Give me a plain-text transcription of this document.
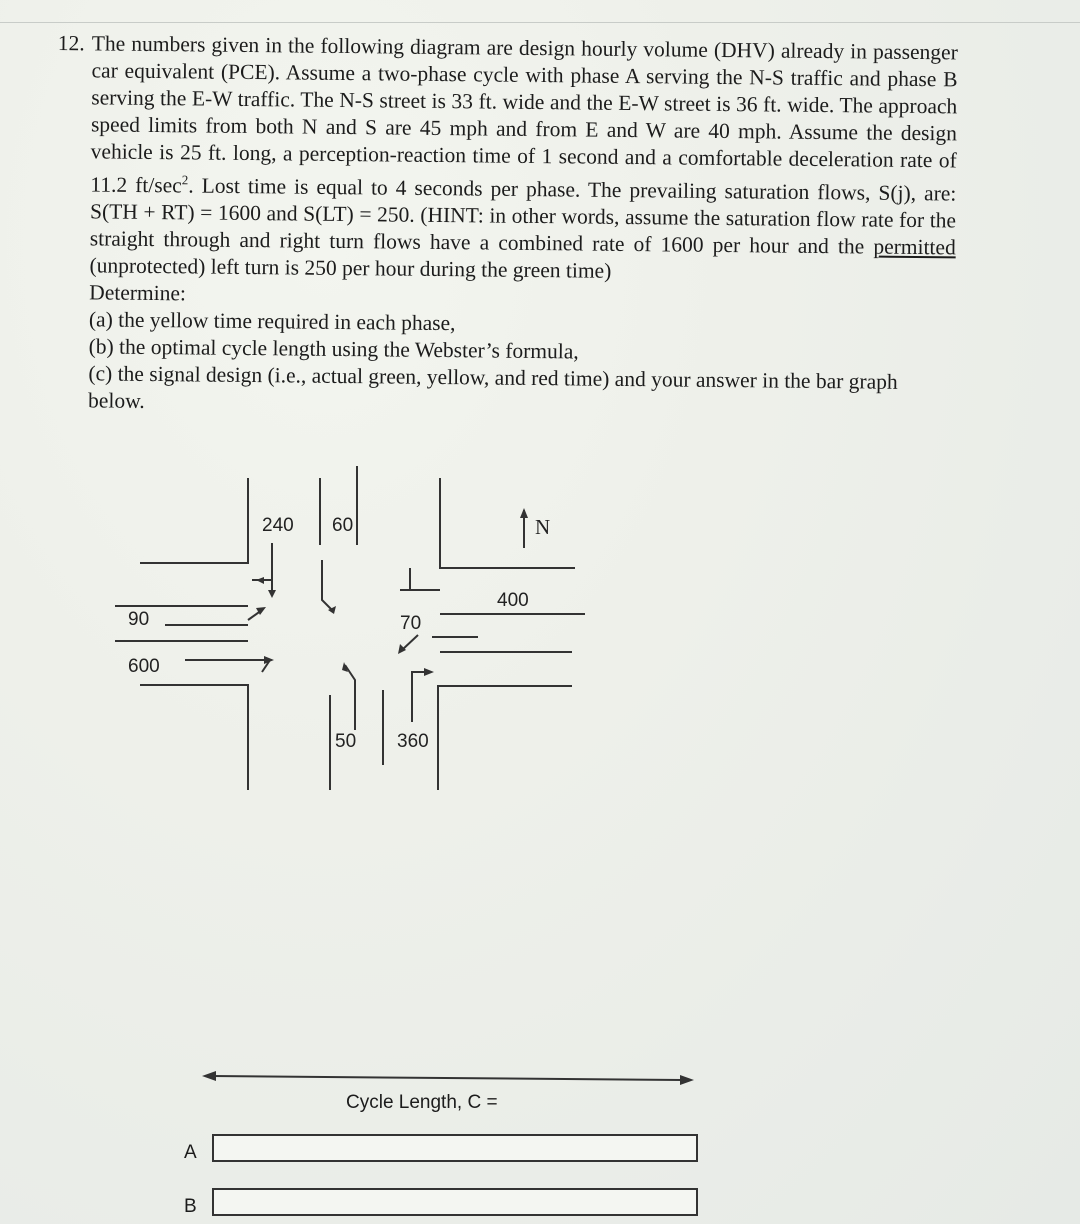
12. The numbers given in the following diagram are design hourly volume (DHV) already in passenger car equivalent (PCE). Assume a two-phase cycle with phase A serving the N-S traffic and phase B serving the E-W traffic. The N-S street is 33 ft. wide and the E-W street is 36 ft. wide. The approach speed limits from both N and S are 45 mph and from E and W are 40 mph. Assume the design vehicle is 25 ft. long, a perception-reaction time of 1 second and a comfortable deceleration rate of 11.2 $ft/\sec^2$. Lost time is equal to 4 seconds per phase. The prevailing saturation flows, S(j), are: S(TH + RT) = 1600 and S(LT) = 250. (HINT: in other words, assume the saturation flow rate for the straight through and right turn flows have a combined rate of 1600 per hour and the permitted (unprotected) left turn is 250 per hour during the green time)
Determine:
(a) the yellow time required in each phase,
(b) the optimal cycle length using the Webster’s formula,
(c) the signal design (i.e., actual green, yellow, and red time) and your answer in the bar graph below.
240 60	N
400
70
90
600
50 360
Cycle Length, C =
A
B
